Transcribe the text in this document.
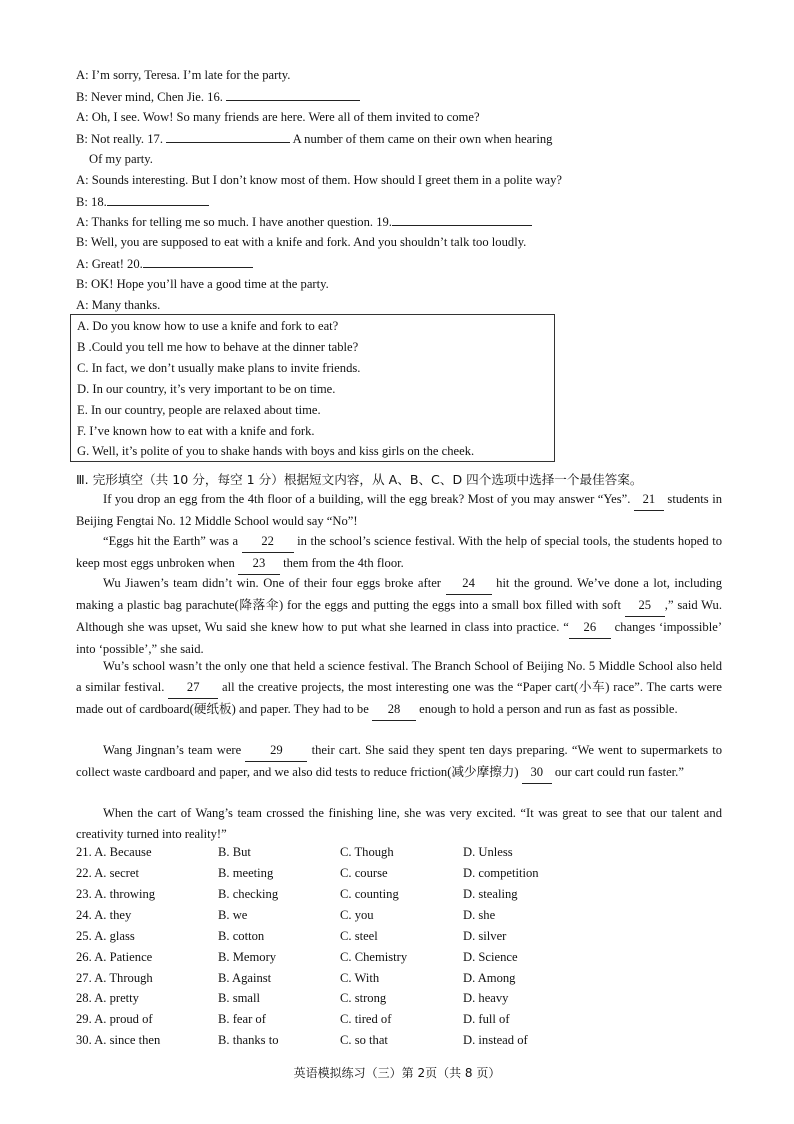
A: I’m sorry, Teresa. I’m late for the party.
B: Never mind, Chen Jie. 16.
A: Oh, I see. Wow! So many friends are here. Were all of them invited to come?
B: Not really. 17.	A number of them came on their own when hearing
Of my party.
A: Sounds interesting. But I don’t know most of them. How should I greet them in a polite way?
B: 18.
A: Thanks for telling me so much. I have another question. 19.
B: Well, you are supposed to eat with a knife and fork. And you shouldn’t talk too loudly.
A: Great! 20.
B: OK! Hope you’ll have a good time at the party.
A: Many thanks.
A. Do you know how to use a knife and fork to eat?
B .Could you tell me how to behave at the dinner table?
C. In fact, we don’t usually make plans to invite friends.
D. In our country, it’s very important to be on time.
E. In our country, people are relaxed about time.
F. I’ve known how to eat with a knife and fork.
G. Well, it’s polite of you to shake hands with boys and kiss girls on the cheek.
Ⅲ. 完形填空（共 10 分，每空 1 分）根据短文内容，从 A、B、C、D 四个选项中选择一个最佳答案。
If you drop an egg from the 4th floor of a building, will the egg break? Most of you may answer “Yes”. 21 students in Beijing Fengtai No. 12 Middle School would say “No”!
“Eggs hit the Earth” was a 22 in the school’s science festival. With the help of special tools, the students hoped to keep most eggs unbroken when 23 them from the 4th floor.
Wu Jiawen’s team didn’t win. One of their four eggs broke after 24 hit the ground. We’ve done a lot, including making a plastic bag parachute(降落伞) for the eggs and putting the eggs into a small box filled with soft 25 ,” said Wu. Although she was upset, Wu said she knew how to put what she learned in class into practice. “ 26 changes ‘impossible’ into ‘possible’,” she said.
Wu’s school wasn’t the only one that held a science festival. The Branch School of Beijing No. 5 Middle School also held a similar festival. 27 all the creative projects, the most interesting one was the “Paper cart(小车) race”. The carts were made out of cardboard(硬纸板) and paper. They had to be 28 enough to hold a person and run as fast as possible.
Wang Jingnan’s team were 29 their cart. She said they spent ten days preparing. “We went to supermarkets to collect waste cardboard and paper, and we also did tests to reduce friction(减少摩擦力) 30 our cart could run faster.”
When the cart of Wang’s team crossed the finishing line, she was very excited. “It was great to see that our talent and creativity turned into reality!”
21. A. Because	B. But	C. Though	D. Unless
22. A. secret	B. meeting	C. course	D. competition
23. A. throwing	B. checking	C. counting	D. stealing
24. A. they	B. we	C. you	D. she
25. A. glass	B. cotton	C. steel	D. silver
26. A. Patience	B. Memory	C. Chemistry	D. Science
27. A. Through	B. Against	C. With	D. Among
28. A. pretty	B. small	C. strong	D. heavy
29. A. proud of	B. fear of	C. tired of	D. full of
30. A. since then	B. thanks to	C. so that	D. instead of
英语模拟练习（三）第 2页（共 8 页）
